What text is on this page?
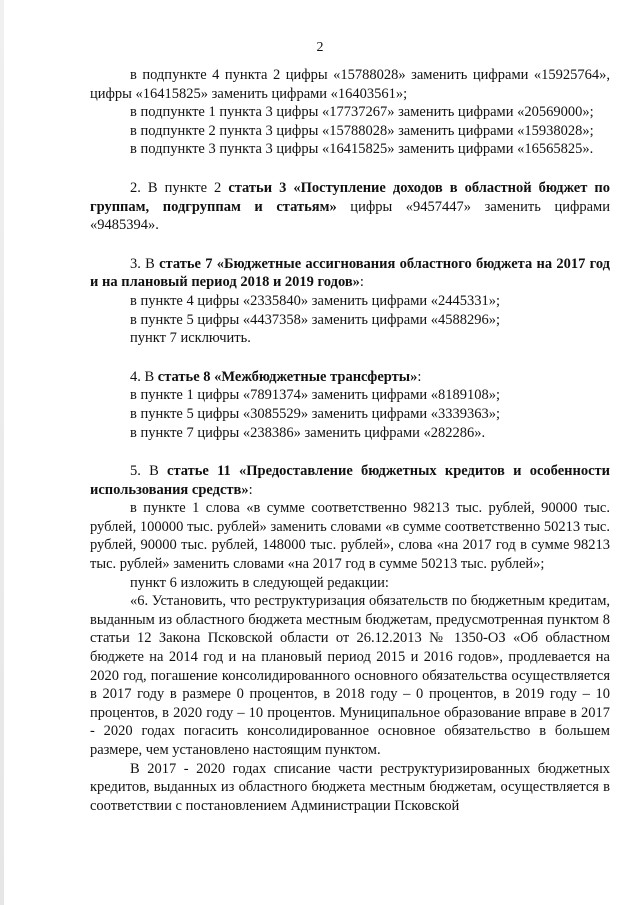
2

в подпункте 4 пункта 2 цифры «15788028» заменить цифрами «15925764», цифры «16415825» заменить цифрами «16403561»;

в подпункте 1 пункта 3 цифры «17737267» заменить цифрами «20569000»;

в подпункте 2 пункта 3 цифры «15788028» заменить цифрами «15938028»;

в подпункте 3 пункта 3 цифры «16415825» заменить цифрами «16565825».

2. В пункте 2 статьи 3 «Поступление доходов в областной бюджет по группам, подгруппам и статьям» цифры «9457447» заменить цифрами «9485394».

3. В статье 7 «Бюджетные ассигнования областного бюджета на 2017 год и на плановый период 2018 и 2019 годов»:

в пункте 4 цифры «2335840» заменить цифрами «2445331»;

в пункте 5 цифры «4437358» заменить цифрами «4588296»;

пункт 7 исключить.

4. В статье 8 «Межбюджетные трансферты»:

в пункте 1 цифры «7891374» заменить цифрами «8189108»;

в пункте 5 цифры «3085529» заменить цифрами «3339363»;

в пункте 7 цифры «238386» заменить цифрами «282286».

5. В статье 11 «Предоставление бюджетных кредитов и особенности использования средств»:

в пункте 1 слова «в сумме соответственно 98213 тыс. рублей, 90000 тыс. рублей, 100000 тыс. рублей» заменить словами «в сумме соответственно 50213 тыс. рублей, 90000 тыс. рублей, 148000 тыс. рублей», слова «на 2017 год в сумме 98213 тыс. рублей» заменить словами «на 2017 год в сумме 50213 тыс. рублей»;

пункт 6 изложить в следующей редакции:

«6. Установить, что реструктуризация обязательств по бюджетным кредитам, выданным из областного бюджета местным бюджетам, предусмотренная пунктом 8 статьи 12 Закона Псковской области от 26.12.2013 № 1350-ОЗ «Об областном бюджете на 2014 год и на плановый период 2015 и 2016 годов», продлевается на 2020 год, погашение консолидированного основного обязательства осуществляется в 2017 году в размере 0 процентов, в 2018 году – 0 процентов, в 2019 году – 10 процентов, в 2020 году – 10 процентов. Муниципальное образование вправе в 2017 - 2020 годах погасить консолидированное основное обязательство в большем размере, чем установлено настоящим пунктом.

В 2017 - 2020 годах списание части реструктуризированных бюджетных кредитов, выданных из областного бюджета местным бюджетам, осуществляется в соответствии с постановлением Администрации Псковской
